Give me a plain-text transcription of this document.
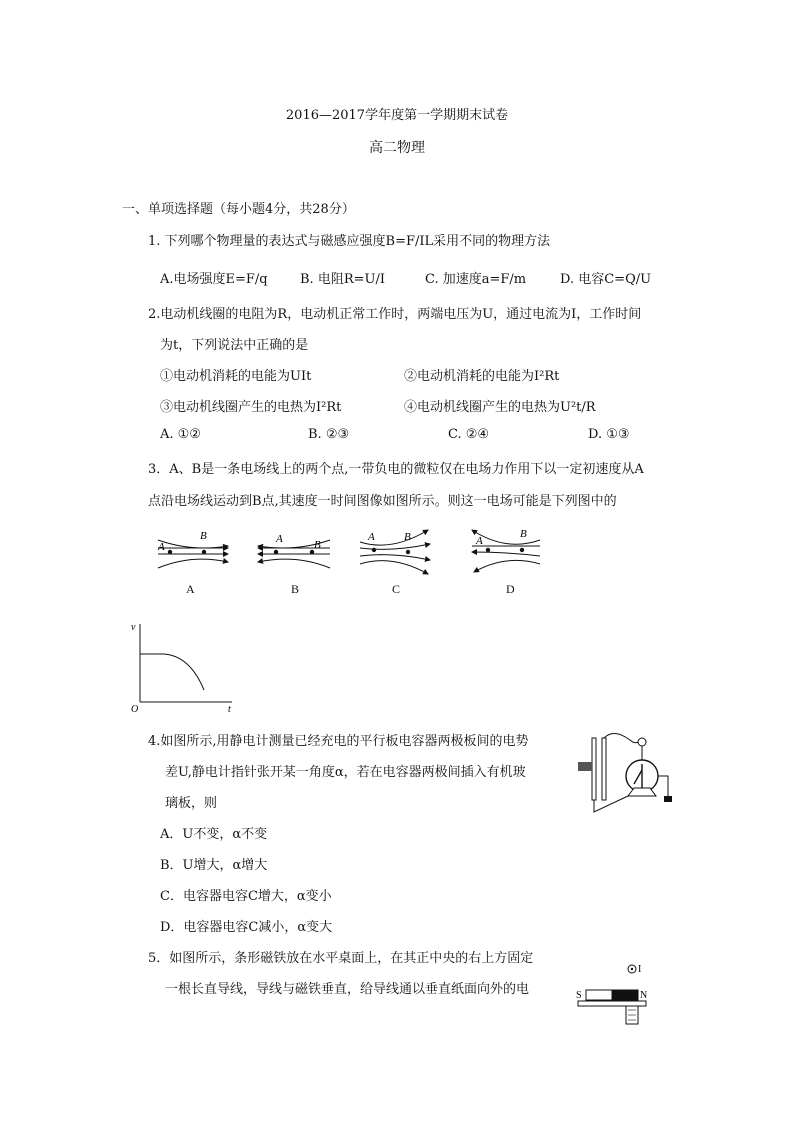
2016—2017学年度第一学期期末试卷
高二物理
一、单项选择题（每小题4分，共28分）
1. 下列哪个物理量的表达式与磁感应强度B=F/IL采用不同的物理方法
A.电场强度E=F/q B. 电阻R=U/I	C. 加速度a=F/m	D. 电容C=Q/U
2.电动机线圈的电阻为R，电动机正常工作时，两端电压为U，通过电流为I，工作时间
为t，下列说法中正确的是
①电动机消耗的电能为UIt	②电动机消耗的电能为I²Rt
③电动机线圈产生的电热为I²Rt	④电动机线圈产生的电热为U²t/R
A. ①②	B. ②③	C. ②④	D. ①③
3．A、B是一条电场线上的两个点,一带负电的微粒仅在电场力作用下以一定初速度从A
点沿电场线运动到B点,其速度一时间图像如图所示。则这一电场可能是下列图中的
A
B	A	B
A	B	A
B
A	B	C	D
v
t
O
4.如图所示,用静电计测量已经充电的平行板电容器两极板间的电势
差U,静电计指针张开某一角度α，若在电容器两极间插入有机玻
璃板，则
A．U不变，α不变
B．U增大，α增大
C．电容器电容C增大，α变小
D．电容器电容C减小，α变大
5．如图所示，条形磁铁放在水平桌面上，在其正中央的右上方固定
一根长直导线，导线与磁铁垂直，给导线通以垂直纸面向外的电
I
S	N
